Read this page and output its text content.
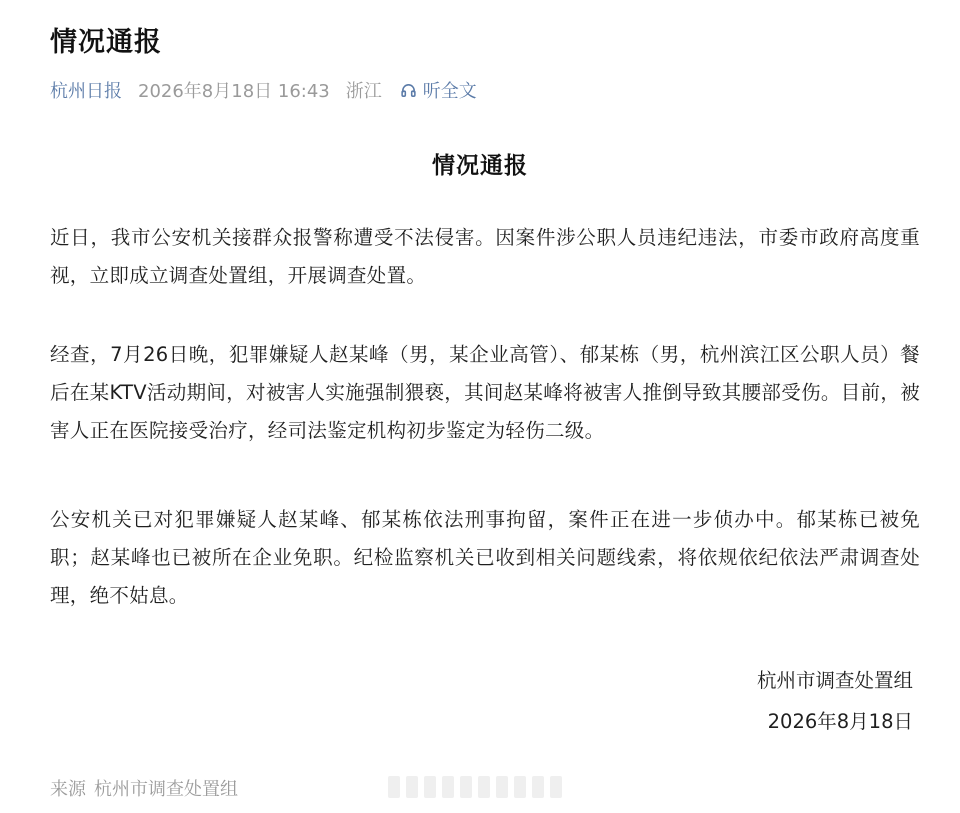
情况通报
杭州日报 2026年8月18日 16:43 浙江 听全文
情况通报

近日，我市公安机关接群众报警称遭受不法侵害。因案件涉公职人员违纪违法，市委市政府高度重视，立即成立调查处置组，开展调查处置。

经查，7月26日晚，犯罪嫌疑人赵某峰（男，某企业高管）、郁某栋（男，杭州滨江区公职人员）餐后在某KTV活动期间，对被害人实施强制猥亵，其间赵某峰将被害人推倒导致其腰部受伤。目前，被害人正在医院接受治疗，经司法鉴定机构初步鉴定为轻伤二级。

公安机关已对犯罪嫌疑人赵某峰、郁某栋依法刑事拘留，案件正在进一步侦办中。郁某栋已被免职；赵某峰也已被所在企业免职。纪检监察机关已收到相关问题线索，将依规依纪依法严肃调查处理，绝不姑息。

杭州市调查处置组
2026年8月18日
来源 杭州市调查处置组
